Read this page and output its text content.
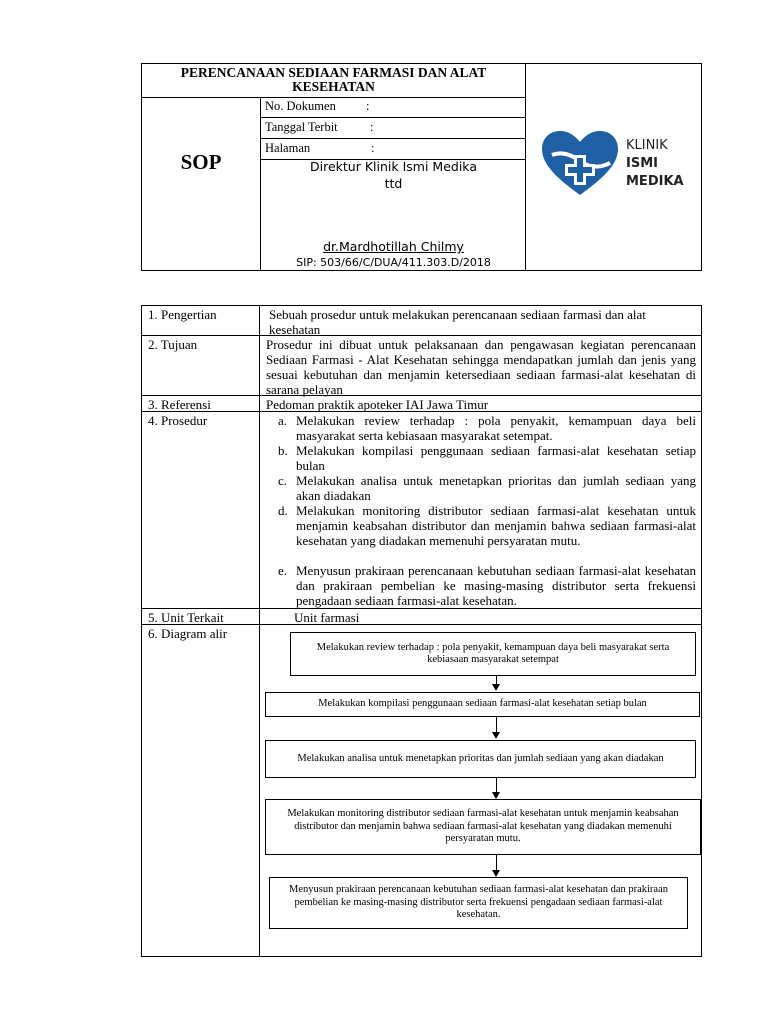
PERENCANAAN SEDIAAN FARMASI DAN ALAT KESEHATAN
SOP
No. Dokumen :
Tanggal Terbit	:
Halaman	:
Direktur Klinik Ismi Medika
ttd
dr.Mardhotillah Chilmy
SIP: 503/66/C/DUA/411.303.D/2018
KLINIK
ISMI
MEDIKA
1. Pengertian	Sebuah prosedur untuk melakukan perencanaan sediaan farmasi dan alat kesehatan
2. Tujuan	Prosedur ini dibuat untuk pelaksanaan dan pengawasan kegiatan perencanaan Sediaan Farmasi - Alat Kesehatan sehingga mendapatkan jumlah dan jenis yang sesuai kebutuhan dan menjamin ketersediaan sediaan farmasi-alat kesehatan di sarana pelayan
3. Referensi	Pedoman praktik apoteker IAI Jawa Timur
4. Prosedur	a. Melakukan review terhadap : pola penyakit, kemampuan daya beli masyarakat serta kebiasaan masyarakat setempat.
b. Melakukan kompilasi penggunaan sediaan farmasi-alat kesehatan setiap bulan
c. Melakukan analisa untuk menetapkan prioritas dan jumlah sediaan yang akan diadakan
d. Melakukan monitoring distributor sediaan farmasi-alat kesehatan untuk menjamin keabsahan distributor dan menjamin bahwa sediaan farmasi-alat kesehatan yang diadakan memenuhi persyaratan mutu.
e. Menyusun prakiraan perencanaan kebutuhan sediaan farmasi-alat kesehatan dan prakiraan pembelian ke masing-masing distributor serta frekuensi pengadaan sediaan farmasi-alat kesehatan.
5. Unit Terkait	Unit farmasi
6. Diagram alir
Melakukan review terhadap : pola penyakit, kemampuan daya beli masyarakat serta kebiasaan masyarakat setempat
Melakukan kompilasi penggunaan sediaan farmasi-alat kesehatan setiap bulan
Melakukan analisa untuk menetapkan prioritas dan jumlah sediaan yang akan diadakan
Melakukan monitoring distributor sediaan farmasi-alat kesehatan untuk menjamin keabsahan distributor dan menjamin bahwa sediaan farmasi-alat kesehatan yang diadakan memenuhi persyaratan mutu.
Menyusun prakiraan perencanaan kebutuhan sediaan farmasi-alat kesehatan dan prakiraan pembelian ke masing-masing distributor serta frekuensi pengadaan sediaan farmasi-alat kesehatan.
